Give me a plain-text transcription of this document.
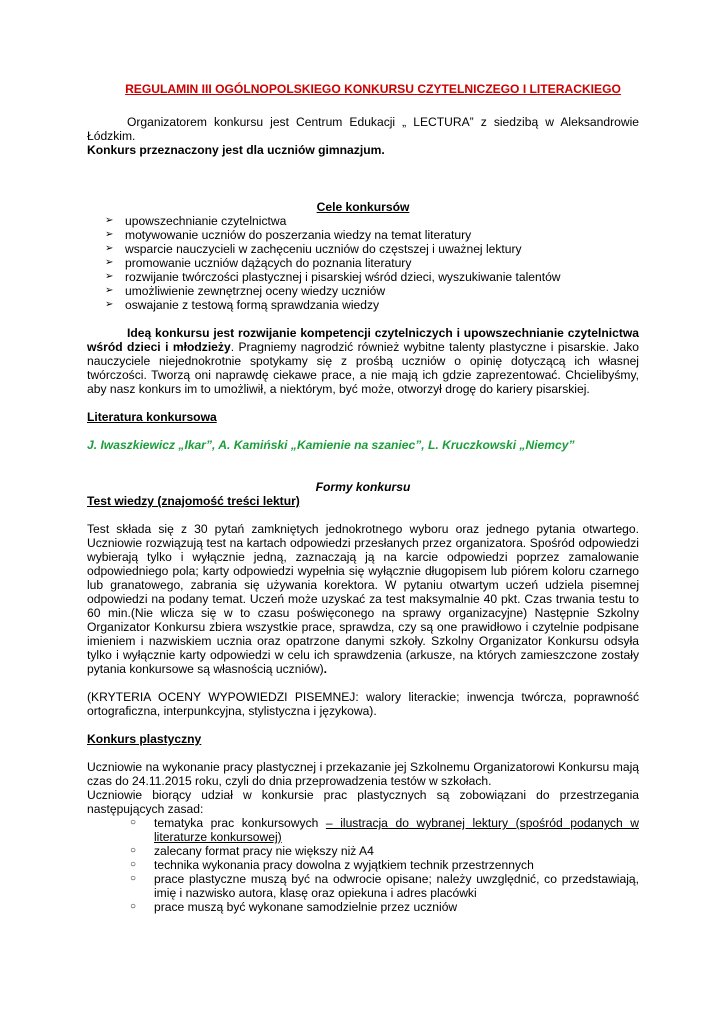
REGULAMIN III OGÓLNOPOLSKIEGO KONKURSU CZYTELNICZEGO I LITERACKIEGO

Organizatorem konkursu jest Centrum Edukacji „ LECTURA” z siedzibą w Aleksandrowie Łódzkim.

Konkurs przeznaczony jest dla uczniów gimnazjum.

Cele konkursów

➢ upowszechnianie czytelnictwa
➢ motywowanie uczniów do poszerzania wiedzy na temat literatury
➢ wsparcie nauczycieli w zachęceniu uczniów do częstszej i uważnej lektury
➢ promowanie uczniów dążących do poznania literatury
➢ rozwijanie twórczości plastycznej i pisarskiej wśród dzieci, wyszukiwanie talentów
➢ umożliwienie zewnętrznej oceny wiedzy uczniów
➢ oswajanie z testową formą sprawdzania wiedzy

Ideą konkursu jest rozwijanie kompetencji czytelniczych i upowszechnianie czytelnictwa wśród dzieci i młodzieży. Pragniemy nagrodzić również wybitne talenty plastyczne i pisarskie. Jako nauczyciele niejednokrotnie spotykamy się z prośbą uczniów o opinię dotyczącą ich własnej twórczości. Tworzą oni naprawdę ciekawe prace, a nie mają ich gdzie zaprezentować. Chcielibyśmy, aby nasz konkurs im to umożliwił, a niektórym, być może, otworzył drogę do kariery pisarskiej.

Literatura konkursowa

J. Iwaszkiewicz „Ikar”, A. Kamiński „Kamienie na szaniec”, L. Kruczkowski „Niemcy”

Formy konkursu

Test wiedzy (znajomość treści lektur)

Test składa się z 30 pytań zamkniętych jednokrotnego wyboru oraz jednego pytania otwartego. Uczniowie rozwiązują test na kartach odpowiedzi przesłanych przez organizatora. Spośród odpowiedzi wybierają tylko i wyłącznie jedną, zaznaczają ją na karcie odpowiedzi poprzez zamalowanie odpowiedniego pola; karty odpowiedzi wypełnia się wyłącznie długopisem lub piórem koloru czarnego lub granatowego, zabrania się używania korektora. W pytaniu otwartym uczeń udziela pisemnej odpowiedzi na podany temat. Uczeń może uzyskać za test maksymalnie 40 pkt. Czas trwania testu to 60 min.(Nie wlicza się w to czasu poświęconego na sprawy organizacyjne) Następnie Szkolny Organizator Konkursu zbiera wszystkie prace, sprawdza, czy są one prawidłowo i czytelnie podpisane imieniem i nazwiskiem ucznia oraz opatrzone danymi szkoły. Szkolny Organizator Konkursu odsyła tylko i wyłącznie karty odpowiedzi w celu ich sprawdzenia (arkusze, na których zamieszczone zostały pytania konkursowe są własnością uczniów).

(KRYTERIA OCENY WYPOWIEDZI PISEMNEJ: walory literackie; inwencja twórcza, poprawność ortograficzna, interpunkcyjna, stylistyczna i językowa).

Konkurs plastyczny

Uczniowie na wykonanie pracy plastycznej i przekazanie jej Szkolnemu Organizatorowi Konkursu mają czas do 24.11.2015 roku, czyli do dnia przeprowadzenia testów w szkołach.

Uczniowie biorący udział w konkursie prac plastycznych są zobowiązani do przestrzegania następujących zasad:

○ tematyka prac konkursowych – ilustracja do wybranej lektury (spośród podanych w literaturze konkursowej)
○ zalecany format pracy nie większy niż A4
○ technika wykonania pracy dowolna z wyjątkiem technik przestrzennych
○ prace plastyczne muszą być na odwrocie opisane; należy uwzględnić, co przedstawiają, imię i nazwisko autora, klasę oraz opiekuna i adres placówki
○ prace muszą być wykonane samodzielnie przez uczniów
